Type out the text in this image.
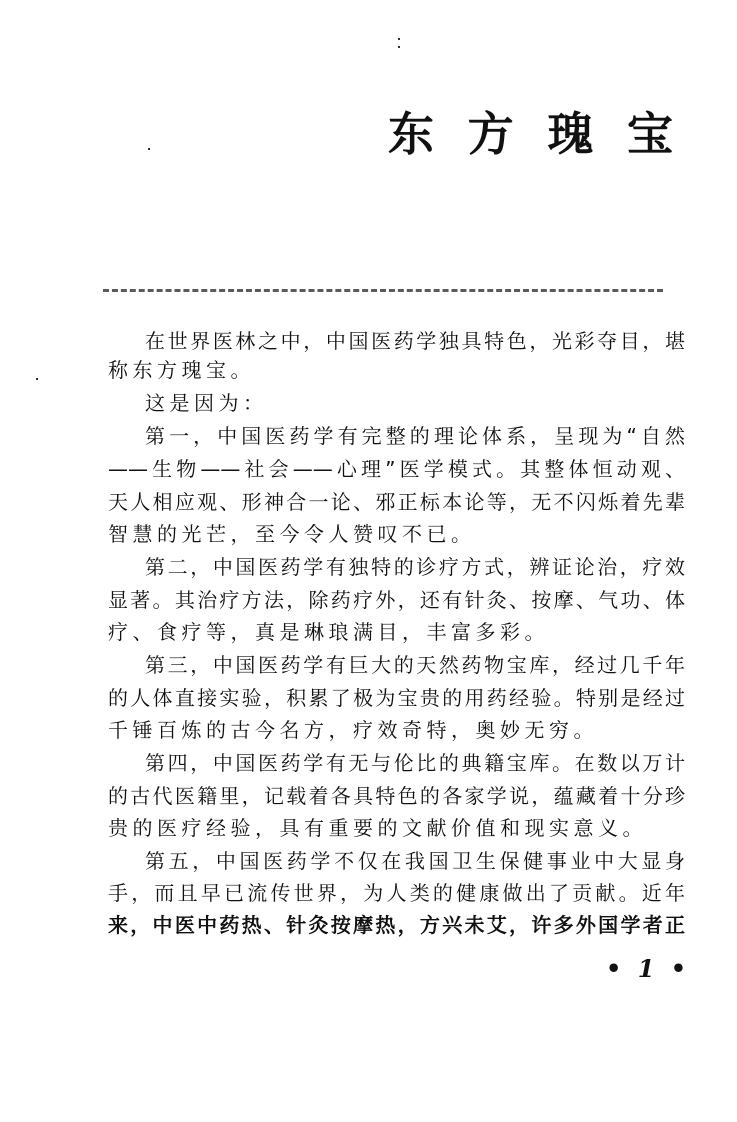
东 方 瑰 宝
在世界医林之中，中国医药学独具特色，光彩夺目，堪
称东方瑰宝。
这是因为：
第一，中国医药学有完整的理论体系，呈现为“自然
——生物——社会——心理”医学模式。其整体恒动观、
天人相应观、形神合一论、邪正标本论等，无不闪烁着先辈
智慧的光芒，至今令人赞叹不已。
第二，中国医药学有独特的诊疗方式，辨证论治，疗效
显著。其治疗方法，除药疗外，还有针灸、按摩、气功、体
疗、食疗等，真是琳琅满目，丰富多彩。
第三，中国医药学有巨大的天然药物宝库，经过几千年
的人体直接实验，积累了极为宝贵的用药经验。特别是经过
千锤百炼的古今名方，疗效奇特，奥妙无穷。
第四，中国医药学有无与伦比的典籍宝库。在数以万计
的古代医籍里，记载着各具特色的各家学说，蕴藏着十分珍
贵的医疗经验，具有重要的文献价值和现实意义。
第五，中国医药学不仅在我国卫生保健事业中大显身
手，而且早已流传世界，为人类的健康做出了贡献。近年
来，中医中药热、针灸按摩热，方兴未艾，许多外国学者正
• 1 •
